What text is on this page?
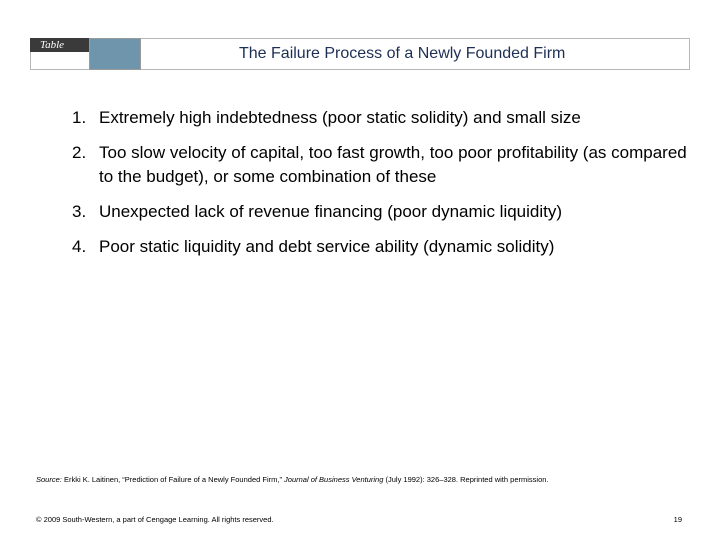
Table	The Failure Process of a Newly Founded Firm
1. Extremely high indebtedness (poor static solidity) and small size
2. Too slow velocity of capital, too fast growth, too poor profitability (as compared to the budget), or some combination of these
3. Unexpected lack of revenue financing (poor dynamic liquidity)
4. Poor static liquidity and debt service ability (dynamic solidity)
Source: Erkki K. Laitinen, “Prediction of Failure of a Newly Founded Firm,” Journal of Business Venturing (July 1992): 326–328. Reprinted with permission.
© 2009 South-Western, a part of Cengage Learning. All rights reserved.	19
